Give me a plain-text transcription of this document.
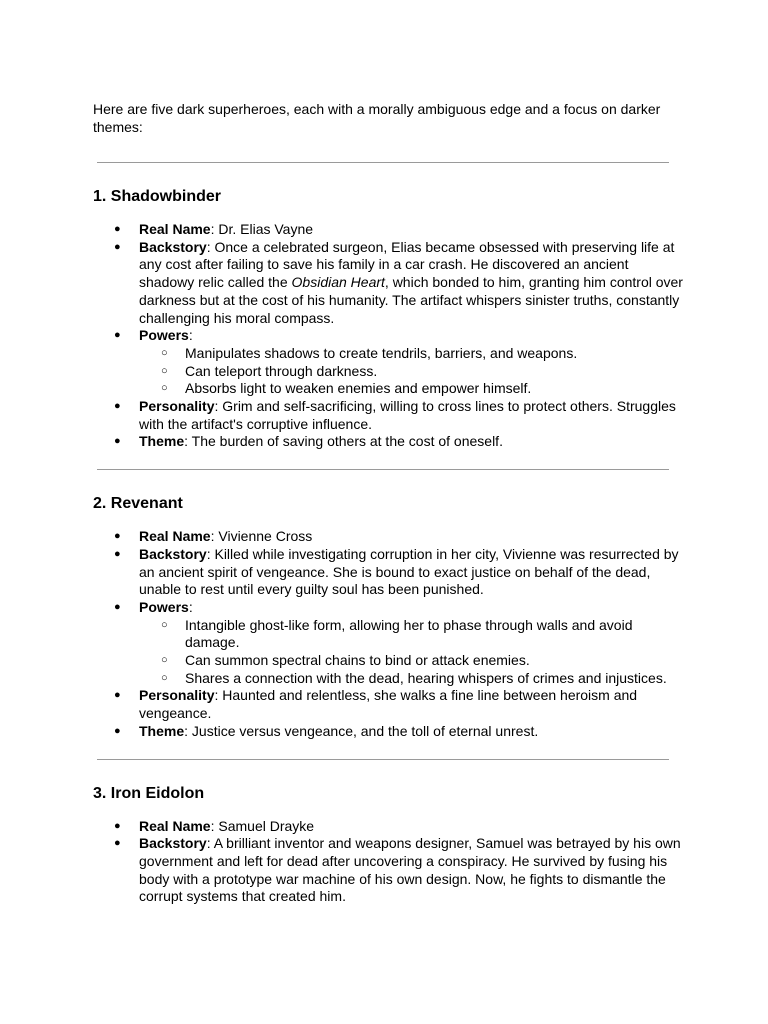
Here are five dark superheroes, each with a morally ambiguous edge and a focus on darker themes:

1. Shadowbinder
● Real Name: Dr. Elias Vayne
● Backstory: Once a celebrated surgeon, Elias became obsessed with preserving life at any cost after failing to save his family in a car crash. He discovered an ancient shadowy relic called the Obsidian Heart, which bonded to him, granting him control over darkness but at the cost of his humanity. The artifact whispers sinister truths, constantly challenging his moral compass.
● Powers:
○ Manipulates shadows to create tendrils, barriers, and weapons.
○ Can teleport through darkness.
○ Absorbs light to weaken enemies and empower himself.
● Personality: Grim and self-sacrificing, willing to cross lines to protect others. Struggles with the artifact's corruptive influence.
● Theme: The burden of saving others at the cost of oneself.
2. Revenant
● Real Name: Vivienne Cross
● Backstory: Killed while investigating corruption in her city, Vivienne was resurrected by an ancient spirit of vengeance. She is bound to exact justice on behalf of the dead, unable to rest until every guilty soul has been punished.
● Powers:
○ Intangible ghost-like form, allowing her to phase through walls and avoid damage.
○ Can summon spectral chains to bind or attack enemies.
○ Shares a connection with the dead, hearing whispers of crimes and injustices.
● Personality: Haunted and relentless, she walks a fine line between heroism and vengeance.
● Theme: Justice versus vengeance, and the toll of eternal unrest.
3. Iron Eidolon
● Real Name: Samuel Drayke
● Backstory: A brilliant inventor and weapons designer, Samuel was betrayed by his own government and left for dead after uncovering a conspiracy. He survived by fusing his body with a prototype war machine of his own design. Now, he fights to dismantle the corrupt systems that created him.
